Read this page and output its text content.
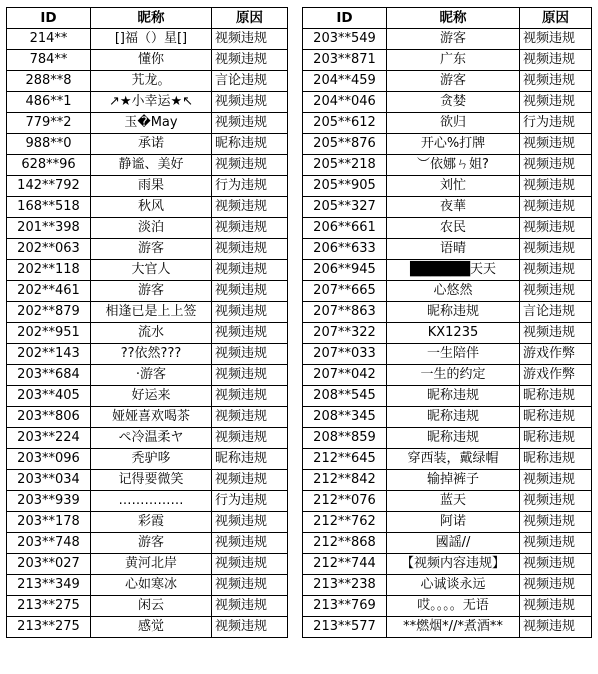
ID	昵称	原因
214**	[]福（）星[]	视频违规
784**	懂你	视频违规
288**8	艽龙。	言论违规
486**1	↗★小幸运★↖	视频违规
779**2	玉�May	视频违规
988**0	承诺	昵称违规
628**96	静谧、美好	视频违规
142**792	雨果	行为违规
168**518	秋风	视频违规
201**398	淡泊	视频违规
202**063	游客	视频违规
202**118	大官人	视频违规
202**461	游客	视频违规
202**879	相逢已是上上签	视频违规
202**951	流水	视频违规
202**143	??依然???	视频违规
203**684	·游客	视频违规
203**405	好运来	视频违规
203**806	娅娅喜欢喝茶	视频违规
203**224	ペ冷温柔ヤ	视频违规
203**096	秃驴哆	昵称违规
203**034	记得要微笑	视频违规
203**939	……………	行为违规
203**178	彩霞	视频违规
203**748	游客	视频违规
203**027	黄河北岸	视频违规
213**349	心如寒冰	视频违规
213**275	闲云	视频违规
213**275	感觉	视频违规
ID	昵称	原因
203**549	游客	视频违规
203**871	广东	视频违规
204**459	游客	视频违规
204**046	贪婪	视频违规
205**612	欲归	行为违规
205**876	开心%打牌	视频违规
205**218	︶依娜ㄣ姐?	视频违规
205**905	刘忙	视频违规
205**327	夜華	视频违规
206**661	农民	视频违规
206**633	语晴	视频违规
206**945	██████天天	视频违规
207**665	心悠然	视频违规
207**863	昵称违规	言论违规
207**322	KX1235	视频违规
207**033	一生陪伴	游戏作弊
207**042	一生的约定	游戏作弊
208**545	昵称违规	昵称违规
208**345	昵称违规	昵称违规
208**859	昵称违规	昵称违规
212**645	穿西装，戴绿帽	昵称违规
212**842	输掉裤子	视频违规
212**076	蓝天	视频违规
212**762	阿诺	视频违规
212**868	國謡//	视频违规
212**744	【视频内容违规】	视频违规
213**238	心诚谈永远	视频违规
213**769	哎。。。。无语	视频违规
213**577	**燃烟*//*煮酒**	视频违规
